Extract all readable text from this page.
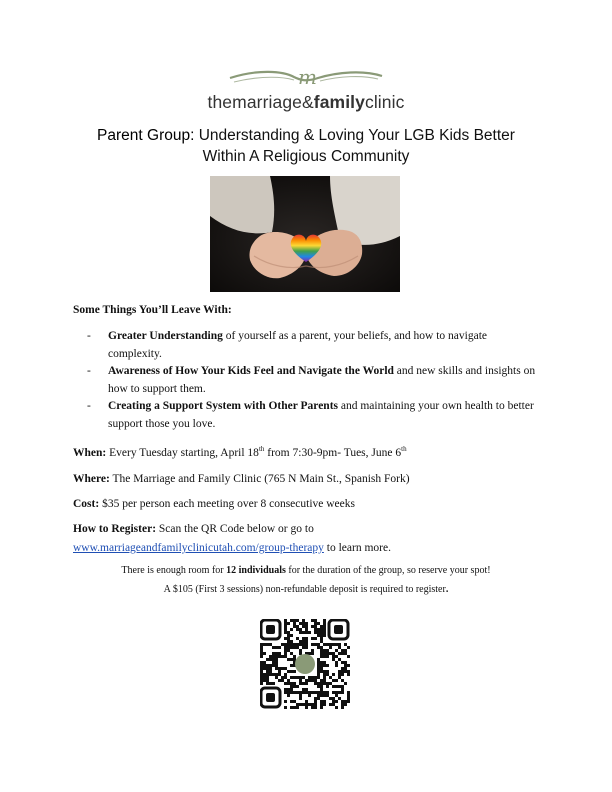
m
themarriage&familyclinic
Parent Group: Understanding & Loving Your LGB Kids Better
Within A Religious Community
Some Things You’ll Leave With:
- Greater Understanding of yourself as a parent, your beliefs, and how to navigate complexity.
- Awareness of How Your Kids Feel and Navigate the World and new skills and insights on how to support them.
- Creating a Support System with Other Parents and maintaining your own health to better support those you love.
When: Every Tuesday starting, April 18th from 7:30-9pm- Tues, June 6th
Where: The Marriage and Family Clinic (765 N Main St., Spanish Fork)
Cost: $35 per person each meeting over 8 consecutive weeks
How to Register: Scan the QR Code below or go to
www.marriageandfamilyclinicutah.com/group-therapy to learn more.
There is enough room for 12 individuals for the duration of the group, so reserve your spot!
A $105 (First 3 sessions) non-refundable deposit is required to register.
